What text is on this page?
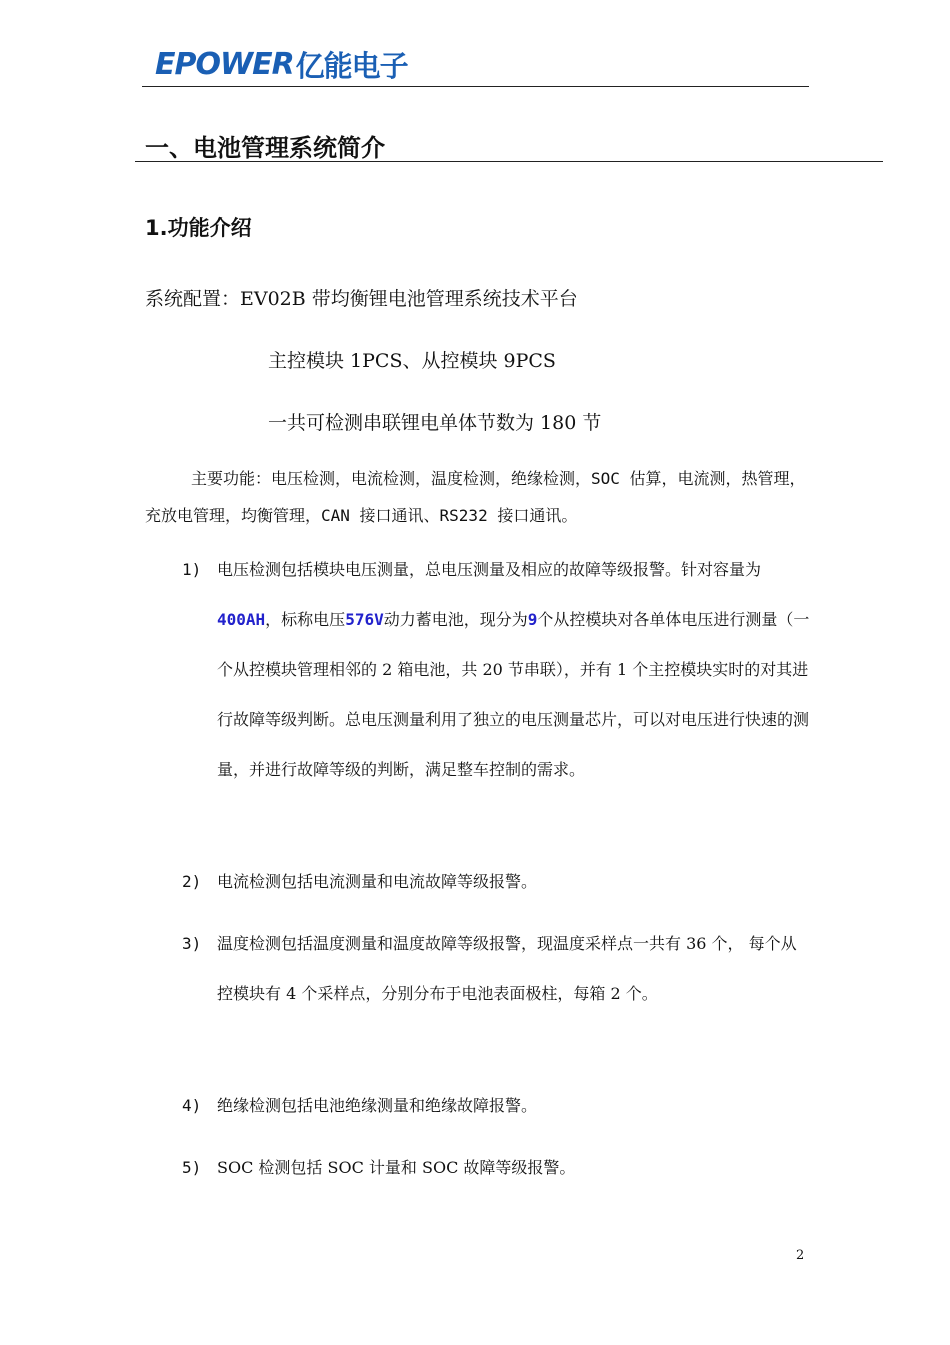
EPOWER 亿能电子
一、电池管理系统简介
1.功能介绍
系统配置：EV02B 带均衡锂电池管理系统技术平台
主控模块 1PCS、从控模块 9PCS
一共可检测串联锂电单体节数为 180 节
主要功能：电压检测，电流检测，温度检测，绝缘检测，SOC 估算，电流测，热管理，充放电管理，均衡管理，CAN 接口通讯、RS232 接口通讯。
1) 电压检测包括模块电压测量，总电压测量及相应的故障等级报警。针对容量为400AH，标称电压576V动力蓄电池，现分为9个从控模块对各单体电压进行测量（一个从控模块管理相邻的 2 箱电池，共 20 节串联），并有 1 个主控模块实时的对其进行故障等级判断。总电压测量利用了独立的电压测量芯片，可以对电压进行快速的测量，并进行故障等级的判断，满足整车控制的需求。
2) 电流检测包括电流测量和电流故障等级报警。
3) 温度检测包括温度测量和温度故障等级报警，现温度采样点一共有 36 个， 每个从控模块有 4 个采样点，分别分布于电池表面极柱，每箱 2 个。
4) 绝缘检测包括电池绝缘测量和绝缘故障报警。
5) SOC 检测包括 SOC 计量和 SOC 故障等级报警。
2
